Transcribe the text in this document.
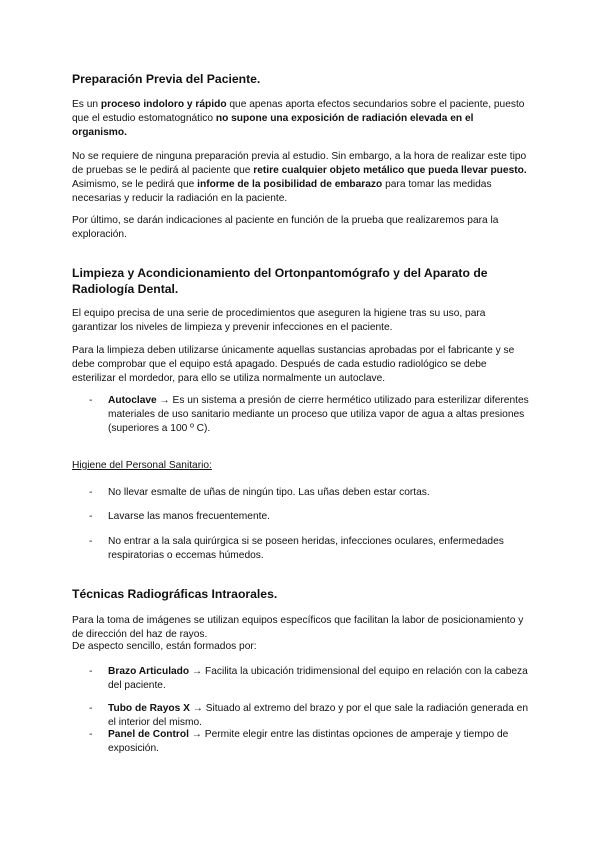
Preparación Previa del Paciente.

Es un proceso indoloro y rápido que apenas aporta efectos secundarios sobre el paciente, puesto que el estudio estomatognático no supone una exposición de radiación elevada en el organismo.

No se requiere de ninguna preparación previa al estudio. Sin embargo, a la hora de realizar este tipo de pruebas se le pedirá al paciente que retire cualquier objeto metálico que pueda llevar puesto. Asimismo, se le pedirá que informe de la posibilidad de embarazo para tomar las medidas necesarias y reducir la radiación en la paciente.

Por último, se darán indicaciones al paciente en función de la prueba que realizaremos para la exploración.

Limpieza y Acondicionamiento del Ortonpantomógrafo y del Aparato de Radiología Dental.

El equipo precisa de una serie de procedimientos que aseguren la higiene tras su uso, para garantizar los niveles de limpieza y prevenir infecciones en el paciente.

Para la limpieza deben utilizarse únicamente aquellas sustancias aprobadas por el fabricante y se debe comprobar que el equipo está apagado. Después de cada estudio radiológico se debe esterilizar el mordedor, para ello se utiliza normalmente un autoclave.

- Autoclave → Es un sistema a presión de cierre hermético utilizado para esterilizar diferentes materiales de uso sanitario mediante un proceso que utiliza vapor de agua a altas presiones (superiores a 100 º C).

Higiene del Personal Sanitario:

- No llevar esmalte de uñas de ningún tipo. Las uñas deben estar cortas.
- Lavarse las manos frecuentemente.
- No entrar a la sala quirúrgica si se poseen heridas, infecciones oculares, enfermedades respiratorias o eccemas húmedos.
Técnicas Radiográficas Intraorales.

Para la toma de imágenes se utilizan equipos específicos que facilitan la labor de posicionamiento y de dirección del haz de rayos.

De aspecto sencillo, están formados por:

- Brazo Articulado → Facilita la ubicación tridimensional del equipo en relación con la cabeza del paciente.
- Tubo de Rayos X → Situado al extremo del brazo y por el que sale la radiación generada en el interior del mismo.
- Panel de Control → Permite elegir entre las distintas opciones de amperaje y tiempo de exposición.
